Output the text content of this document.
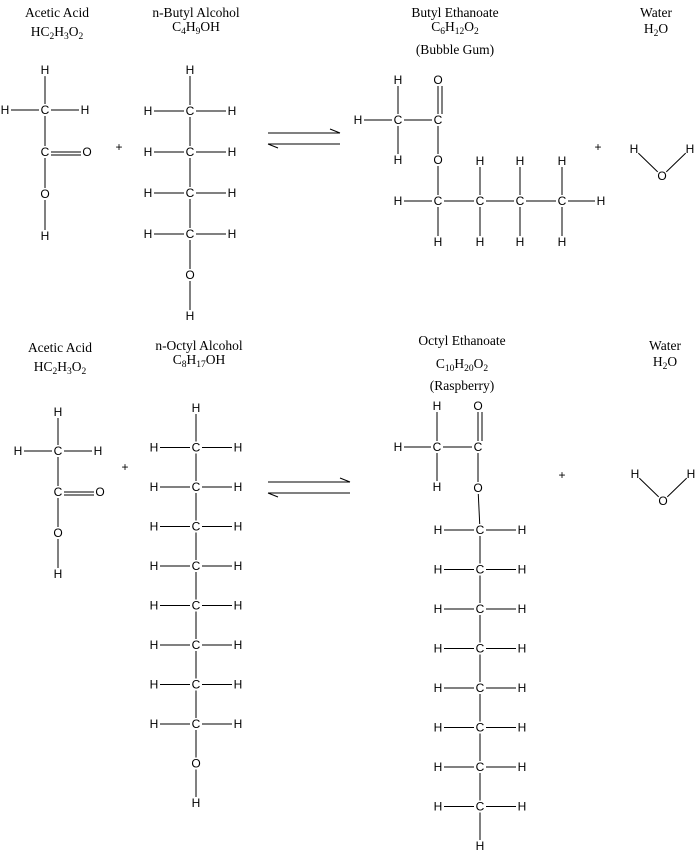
Acetic Acid
$HC_2H_3O_2$
n-Butyl Alcohol
$C_4H_9OH$
Butyl Ethanoate
$C_6H_{12}O_2$
(Bubble Gum)
Water
$H_2O$
Acetic Acid
$HC_2H_3O_2$
n-Octyl Alcohol
$C_8H_{17}OH$
Octyl Ethanoate
$C_{10}H_{20}O_2$
(Raspberry)
Water
$H_2O$
C
C	O
O
H
H	H
H
+
H
C
H	H
C
H	H
C
H	H
C
H	H
O
H
+
O
H	H
C	C
O
O
H
H
H
C
H
C
H
H
C
H
H
C
H
H
H	H
C
C	O
O
H
H	H
H
+
H
C
H	H
C
H	H
C
H	H
C
H	H
C
H	H
C
H	H
C
H	H
C
H	H
O
H
+
O
H	H
C	C
O
O
H
H
H
C
H	H
C
H	H
C
H	H
C
H	H
C
H	H
C
H	H
C
H	H
C
H	H
H
